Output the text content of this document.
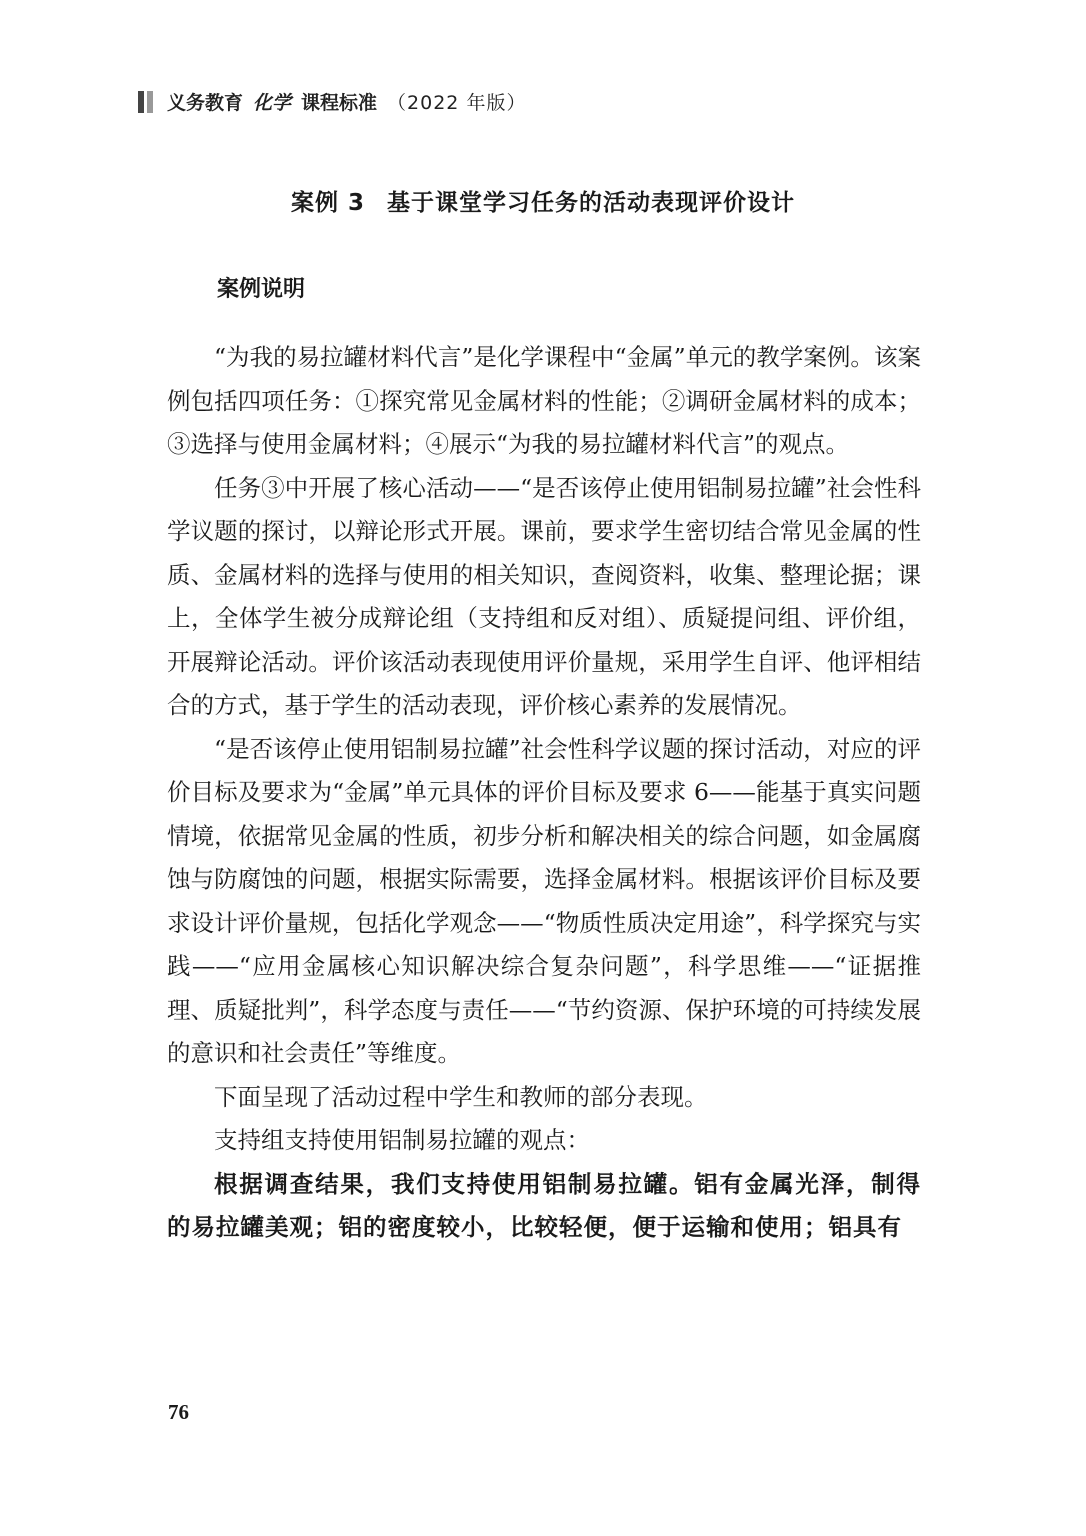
义务教育 化学 课程标准 （2022 年版）
案例 3 基于课堂学习任务的活动表现评价设计
案例说明

“为我的易拉罐材料代言”是化学课程中“金属”单元的教学案例。该案例包括四项任务：①探究常见金属材料的性能；②调研金属材料的成本；③选择与使用金属材料；④展示“为我的易拉罐材料代言”的观点。

任务③中开展了核心活动——“是否该停止使用铝制易拉罐”社会性科学议题的探讨，以辩论形式开展。课前，要求学生密切结合常见金属的性质、金属材料的选择与使用的相关知识，查阅资料，收集、整理论据；课上，全体学生被分成辩论组（支持组和反对组）、质疑提问组、评价组，开展辩论活动。评价该活动表现使用评价量规，采用学生自评、他评相结合的方式，基于学生的活动表现，评价核心素养的发展情况。

“是否该停止使用铝制易拉罐”社会性科学议题的探讨活动，对应的评价目标及要求为“金属”单元具体的评价目标及要求 6——能基于真实问题情境，依据常见金属的性质，初步分析和解决相关的综合问题，如金属腐蚀与防腐蚀的问题，根据实际需要，选择金属材料。根据该评价目标及要求设计评价量规，包括化学观念——“物质性质决定用途”，科学探究与实践——“应用金属核心知识解决综合复杂问题”，科学思维——“证据推理、质疑批判”，科学态度与责任——“节约资源、保护环境的可持续发展的意识和社会责任”等维度。

下面呈现了活动过程中学生和教师的部分表现。

支持组支持使用铝制易拉罐的观点：

根据调查结果，我们支持使用铝制易拉罐。铝有金属光泽，制得的易拉罐美观；铝的密度较小，比较轻便，便于运输和使用；铝具有

76
